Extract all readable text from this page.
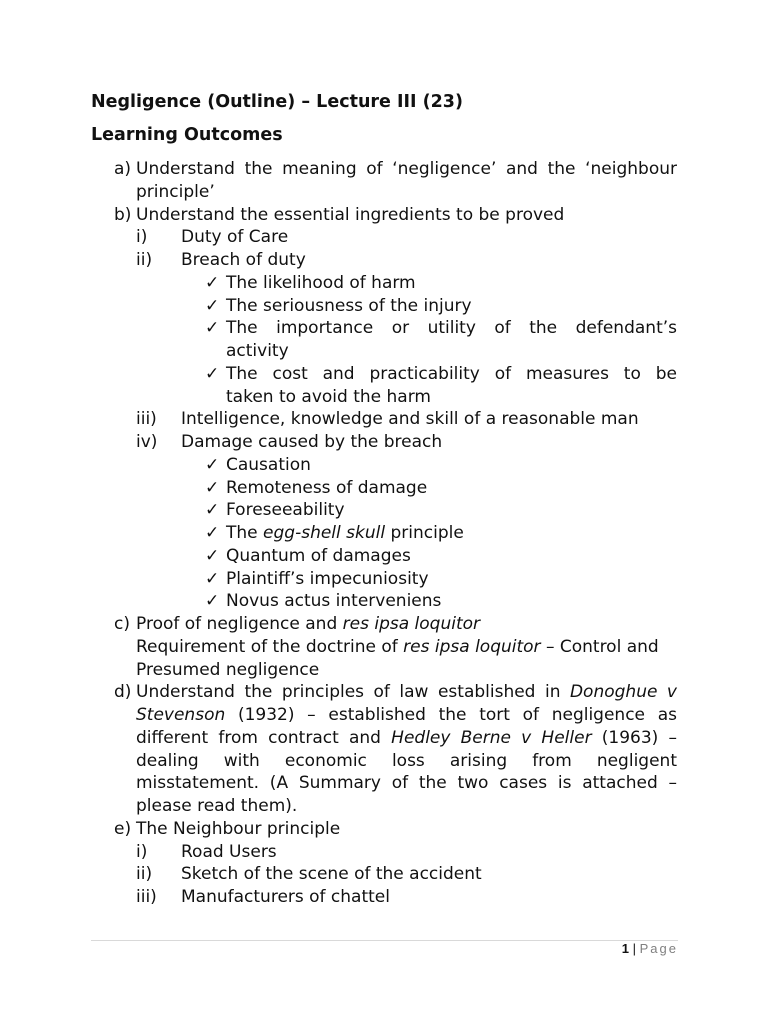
Negligence (Outline) – Lecture III (23)
Learning Outcomes
a) Understand the meaning of ‘negligence’ and the ‘neighbour
principle’
b) Understand the essential ingredients to be proved
i) Duty of Care
ii) Breach of duty
✓ The likelihood of harm
✓ The seriousness of the injury
✓ The importance or utility of the defendant’s
activity
✓ The cost and practicability of measures to be
taken to avoid the harm
iii) Intelligence, knowledge and skill of a reasonable man
iv) Damage caused by the breach
✓ Causation
✓ Remoteness of damage
✓ Foreseeability
✓ The egg-shell skull principle
✓ Quantum of damages
✓ Plaintiff’s impecuniosity
✓ Novus actus interveniens
c) Proof of negligence and res ipsa loquitor
Requirement of the doctrine of res ipsa loquitor – Control and
Presumed negligence
d) Understand the principles of law established in Donoghue v
Stevenson (1932) – established the tort of negligence as
different from contract and Hedley Berne v Heller (1963) –
dealing with economic loss arising from negligent
misstatement. (A Summary of the two cases is attached –
please read them).
e) The Neighbour principle
i) Road Users
ii) Sketch of the scene of the accident
iii) Manufacturers of chattel
1 | Page
